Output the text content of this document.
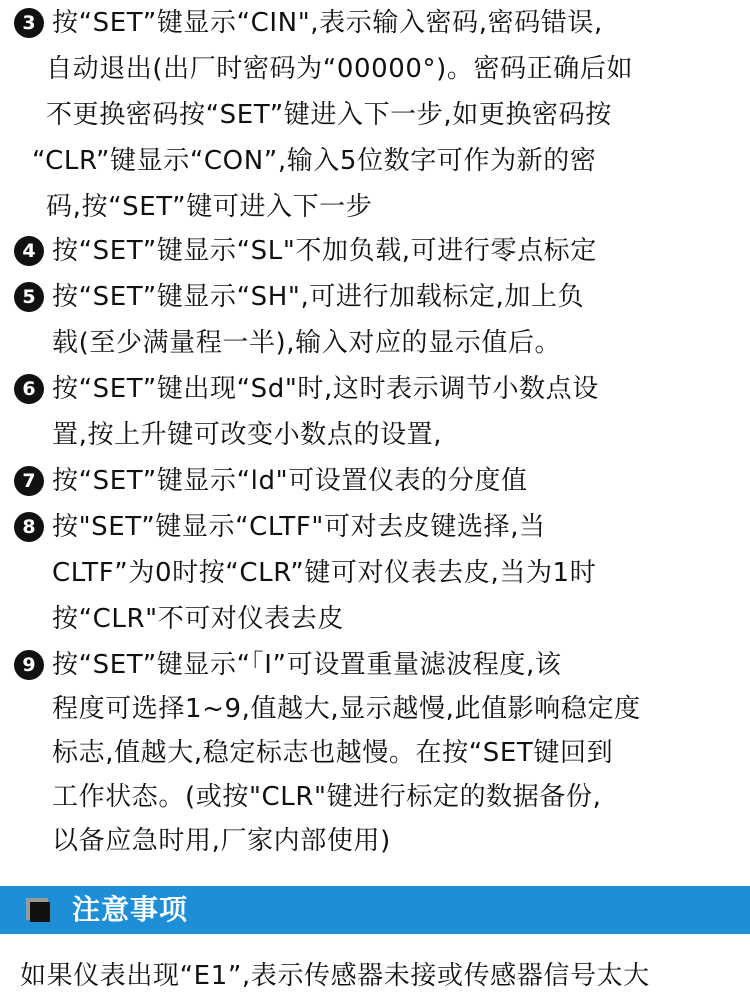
3 按“SET”键显示“CIN",表示输入密码,密码错误,
自动退出(出厂时密码为“00000°)。密码正确后如
不更换密码按“SET”键进入下一步,如更换密码按
“CLR”键显示“CON”,输入5位数字可作为新的密
码,按“SET”键可进入下一步
4 按“SET”键显示“SL"不加负载,可进行零点标定
5 按“SET”键显示“SH",可进行加载标定,加上负
载(至少满量程一半),输入对应的显示值后。
6 按“SET”键出现“Sd"时,这时表示调节小数点设
置,按上升键可改变小数点的设置,
7 按“SET”键显示“ld"可设置仪表的分度值
8 按"SET”键显示“CLTF"可对去皮键选择,当
CLTF”为0时按“CLR”键可对仪表去皮,当为1时
按“CLR"不可对仪表去皮
9 按“SET”键显示“「I”可设置重量滤波程度,该
程度可选择1~9,值越大,显示越慢,此值影响稳定度
标志,值越大,稳定标志也越慢。在按“SET键回到
工作状态。(或按"CLR"键进行标定的数据备份,
以备应急时用,厂家内部使用)
注意事项
如果仪表出现“E1”,表示传感器未接或传感器信号太大
